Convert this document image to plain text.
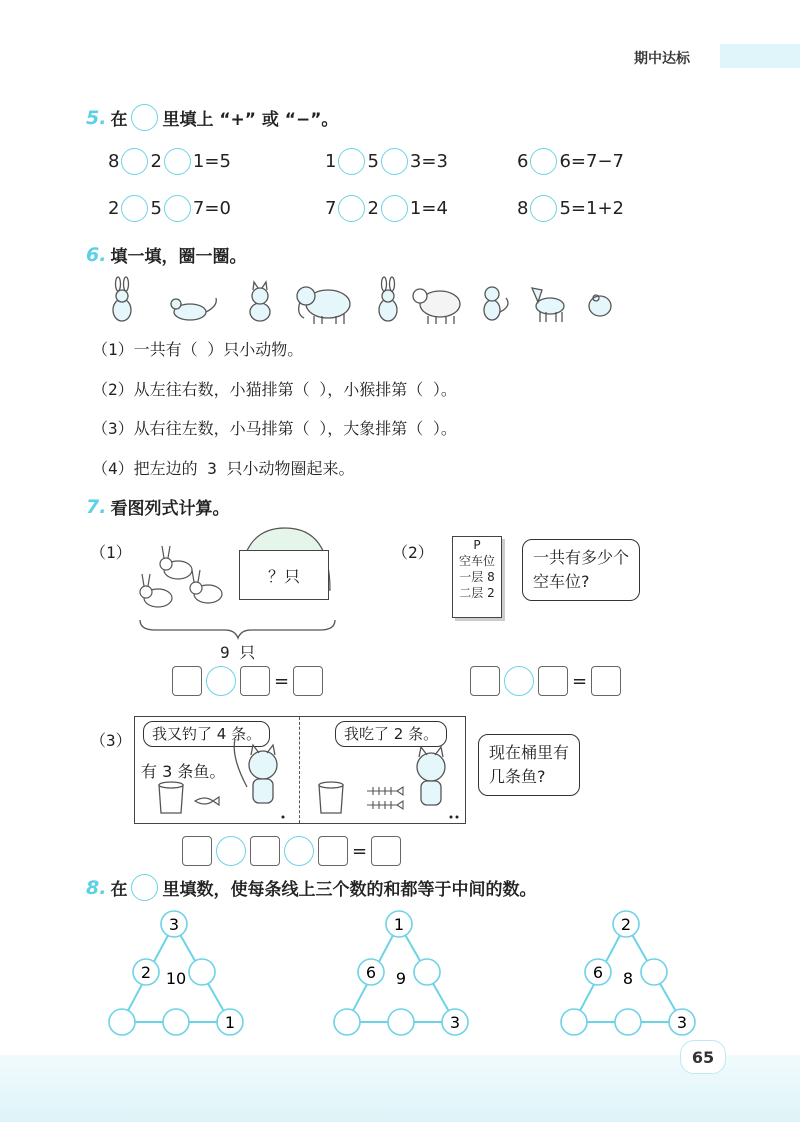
期中达标
5. 在 里填上 “+” 或 “−”。
8 2 1=5	1 5 3=3	6 6=7−7
2 5 7=0	7 2 1=4	8 5=1+2
6. 填一填，圈一圈。
（1）一共有（ ）只小动物。
（2）从左往右数，小猫排第（ ），小猴排第（ ）。
（3）从右往左数，小马排第（ ），大象排第（ ）。
（4）把左边的 3 只小动物圈起来。
7. 看图列式计算。
（1）
？只
9 只
=
（2）	P
空车位
一层 8
二层 2
一共有多少个
空车位?
=
（3）	我又钓了 4 条。
有 3 条鱼。
我吃了 2 条。
现在桶里有
几条鱼?
=
8. 在 里填数，使每条线上三个数的和都等于中间的数。
3
2 10
1
1
6 9
3
2
6 8
3
65
